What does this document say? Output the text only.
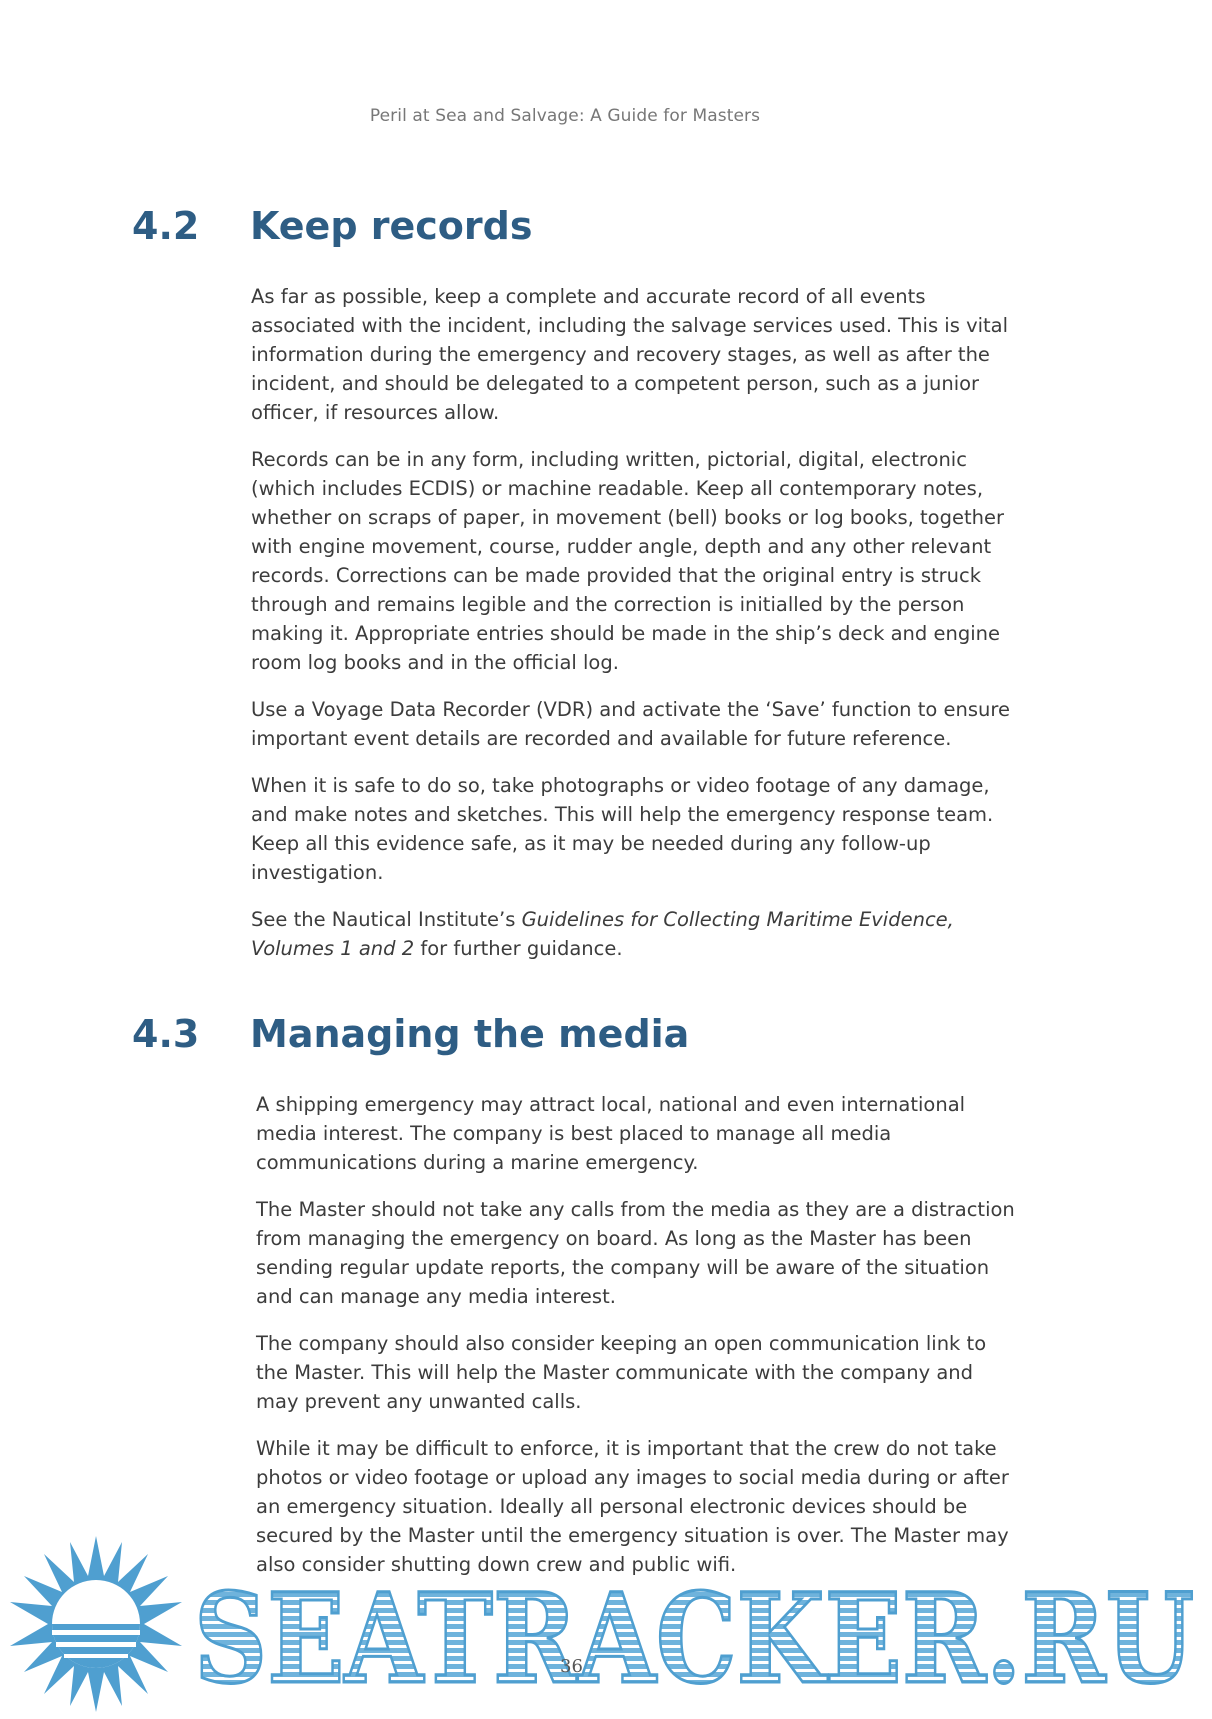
Peril at Sea and Salvage: A Guide for Masters
4.2 Keep records

As far as possible, keep a complete and accurate record of all events associated with the incident, including the salvage services used. This is vital information during the emergency and recovery stages, as well as after the incident, and should be delegated to a competent person, such as a junior officer, if resources allow.

Records can be in any form, including written, pictorial, digital, electronic (which includes ECDIS) or machine readable. Keep all contemporary notes, whether on scraps of paper, in movement (bell) books or log books, together with engine movement, course, rudder angle, depth and any other relevant records. Corrections can be made provided that the original entry is struck through and remains legible and the correction is initialled by the person making it. Appropriate entries should be made in the ship’s deck and engine room log books and in the official log.

Use a Voyage Data Recorder (VDR) and activate the ‘Save’ function to ensure important event details are recorded and available for future reference.

When it is safe to do so, take photographs or video footage of any damage, and make notes and sketches. This will help the emergency response team. Keep all this evidence safe, as it may be needed during any follow-up investigation.

See the Nautical Institute’s Guidelines for Collecting Maritime Evidence, Volumes 1 and 2 for further guidance.

4.3 Managing the media

A shipping emergency may attract local, national and even international media interest. The company is best placed to manage all media communications during a marine emergency.

The Master should not take any calls from the media as they are a distraction from managing the emergency on board. As long as the Master has been sending regular update reports, the company will be aware of the situation and can manage any media interest.

The company should also consider keeping an open communication link to the Master. This will help the Master communicate with the company and may prevent any unwanted calls.

While it may be difficult to enforce, it is important that the crew do not take photos or video footage or upload any images to social media during or after an emergency situation. Ideally all personal electronic devices should be secured by the Master until the emergency situation is over. The Master may also consider shutting down crew and public wifi.

SEATRACKER.RU
36
